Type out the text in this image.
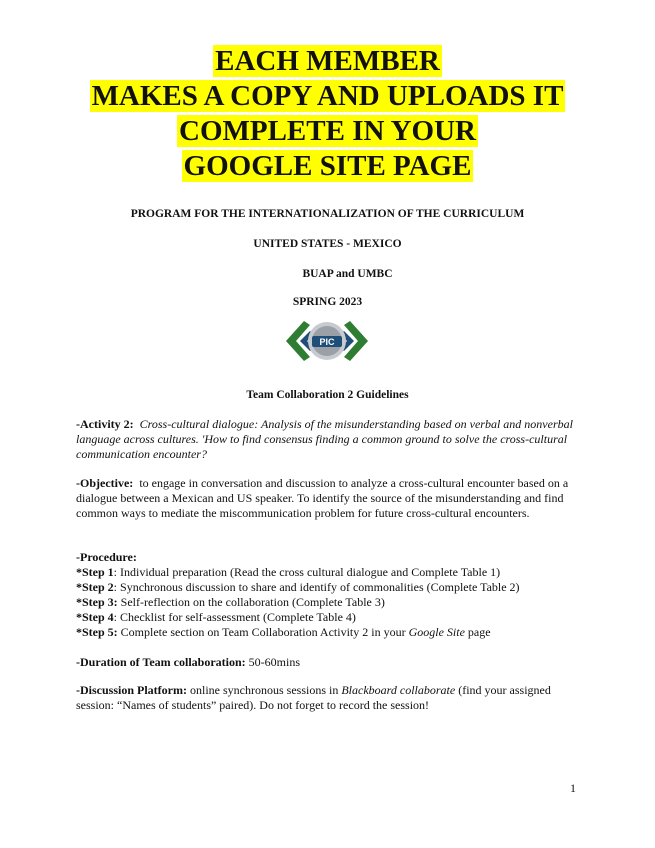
EACH MEMBER
MAKES A COPY AND UPLOADS IT
COMPLETE IN YOUR
GOOGLE SITE PAGE
PROGRAM FOR THE INTERNATIONALIZATION OF THE CURRICULUM
UNITED STATES - MEXICO
BUAP and UMBC
SPRING 2023
PIC
Team Collaboration 2 Guidelines
-Activity 2: Cross-cultural dialogue: Analysis of the misunderstanding based on verbal and nonverbal language across cultures. 'How to find consensus finding a common ground to solve the cross-cultural communication encounter?
-Objective: to engage in conversation and discussion to analyze a cross-cultural encounter based on a dialogue between a Mexican and US speaker. To identify the source of the misunderstanding and find common ways to mediate the miscommunication problem for future cross-cultural encounters.
-Procedure:

*Step 1: Individual preparation (Read the cross cultural dialogue and Complete Table 1)
*Step 2: Synchronous discussion to share and identify of commonalities (Complete Table 2)
*Step 3: Self-reflection on the collaboration (Complete Table 3)
*Step 4: Checklist for self-assessment (Complete Table 4)
*Step 5: Complete section on Team Collaboration Activity 2 in your Google Site page
-Duration of Team collaboration: 50-60mins
-Discussion Platform: online synchronous sessions in Blackboard collaborate (find your assigned session: “Names of students” paired). Do not forget to record the session!
1
